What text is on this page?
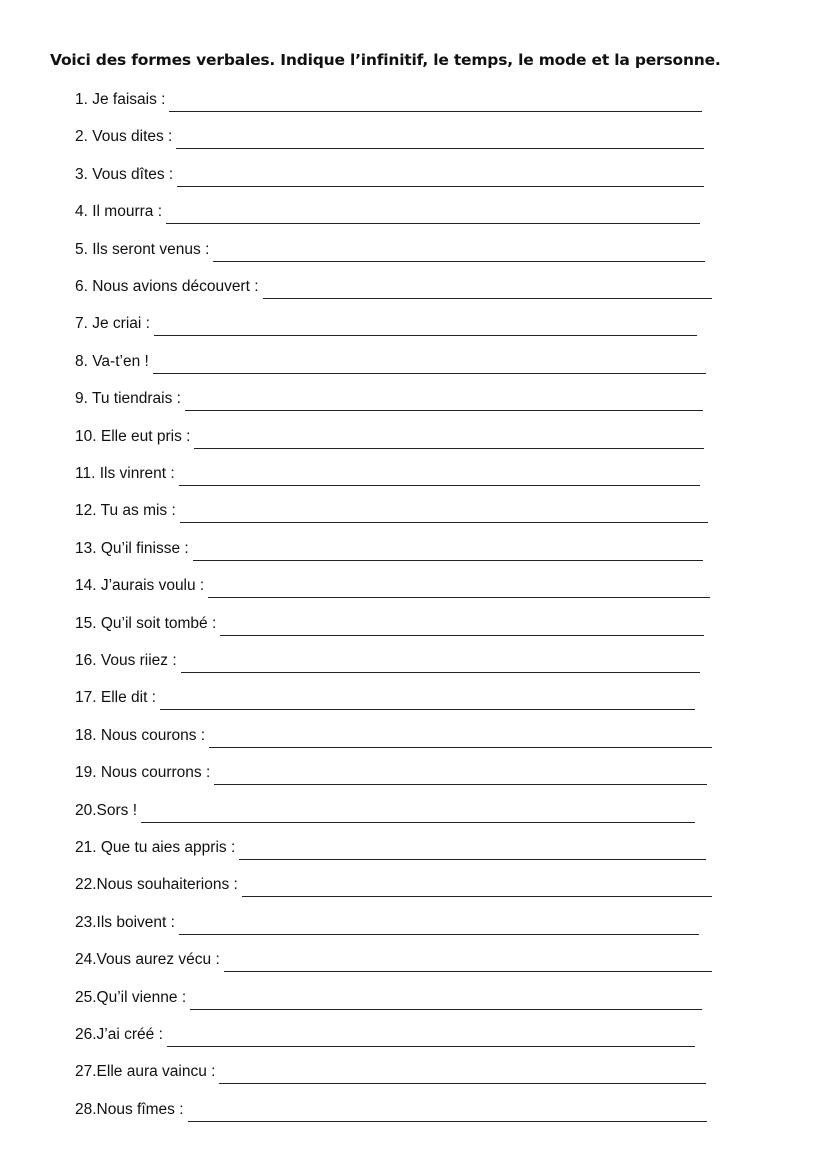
Voici des formes verbales. Indique l’infinitif, le temps, le mode et la personne.
1. Je faisais :
2. Vous dites :
3. Vous dîtes :
4. Il mourra :
5. Ils seront venus :
6. Nous avions découvert :
7. Je criai :
8. Va-t’en !
9. Tu tiendrais :
10. Elle eut pris :
11. Ils vinrent :
12. Tu as mis :
13. Qu’il finisse :
14. J’aurais voulu :
15. Qu’il soit tombé :
16. Vous riiez :
17. Elle dit :
18. Nous courons :
19. Nous courrons :
20.Sors !
21. Que tu aies appris :
22.Nous souhaiterions :
23.Ils boivent :
24.Vous aurez vécu :
25.Qu’il vienne :
26.J’ai créé :
27.Elle aura vaincu :
28.Nous fîmes :
